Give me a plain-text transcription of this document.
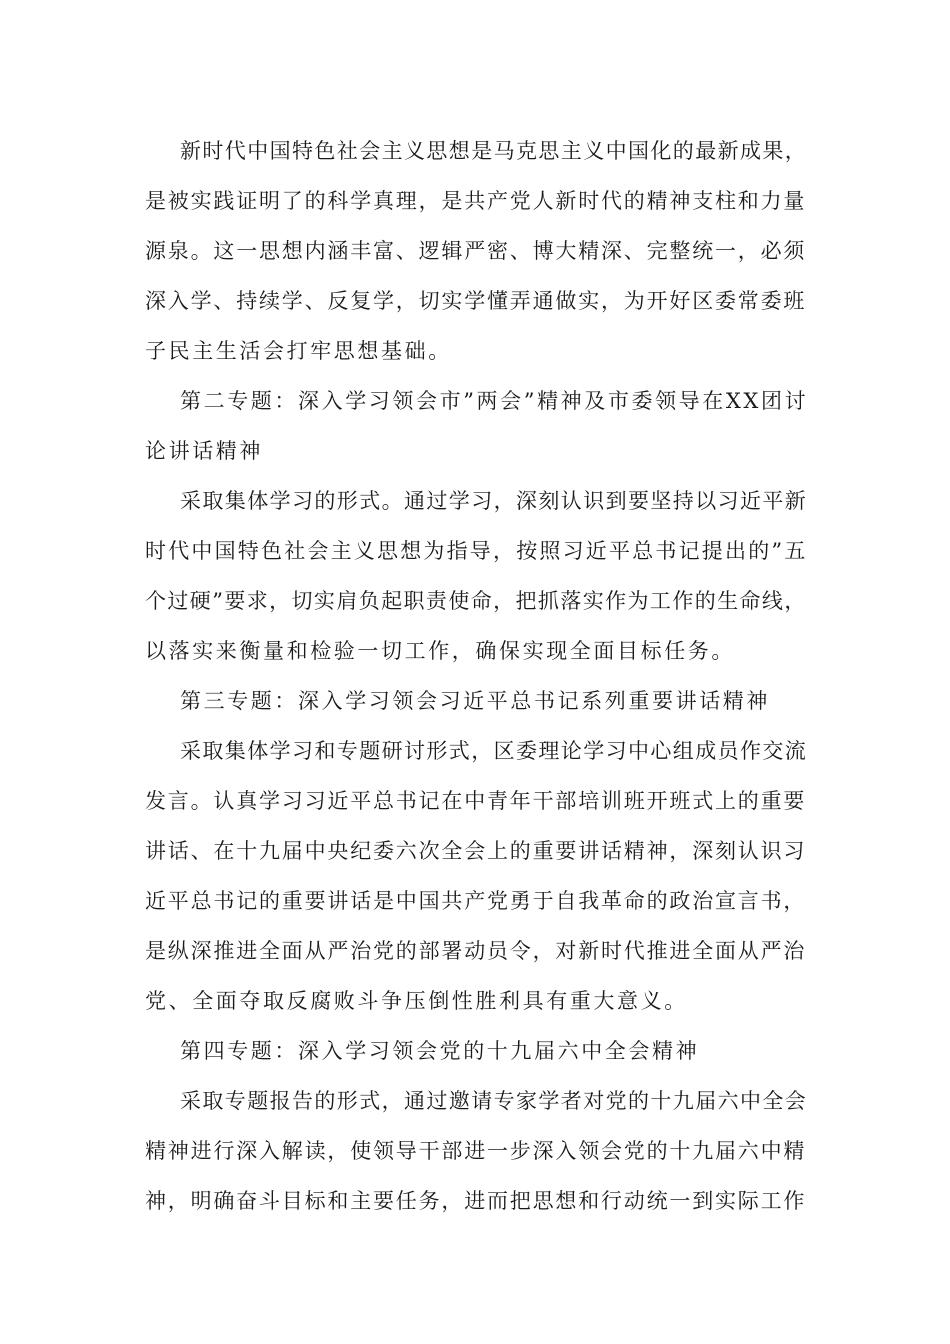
新时代中国特色社会主义思想是马克思主义中国化的最新成果，

是被实践证明了的科学真理，是共产党人新时代的精神支柱和力量

源泉。这一思想内涵丰富、逻辑严密、博大精深、完整统一，必须

深入学、持续学、反复学，切实学懂弄通做实，为开好区委常委班

子民主生活会打牢思想基础。

第二专题：深入学习领会市”两会”精神及市委领导在XX团讨

论讲话精神

采取集体学习的形式。通过学习，深刻认识到要坚持以习近平新

时代中国特色社会主义思想为指导，按照习近平总书记提出的”五

个过硬”要求，切实肩负起职责使命，把抓落实作为工作的生命线，

以落实来衡量和检验一切工作，确保实现全面目标任务。

第三专题：深入学习领会习近平总书记系列重要讲话精神

采取集体学习和专题研讨形式，区委理论学习中心组成员作交流

发言。认真学习习近平总书记在中青年干部培训班开班式上的重要

讲话、在十九届中央纪委六次全会上的重要讲话精神，深刻认识习

近平总书记的重要讲话是中国共产党勇于自我革命的政治宣言书，

是纵深推进全面从严治党的部署动员令，对新时代推进全面从严治

党、全面夺取反腐败斗争压倒性胜利具有重大意义。

第四专题：深入学习领会党的十九届六中全会精神

采取专题报告的形式，通过邀请专家学者对党的十九届六中全会

精神进行深入解读，使领导干部进一步深入领会党的十九届六中精

神，明确奋斗目标和主要任务，进而把思想和行动统一到实际工作
